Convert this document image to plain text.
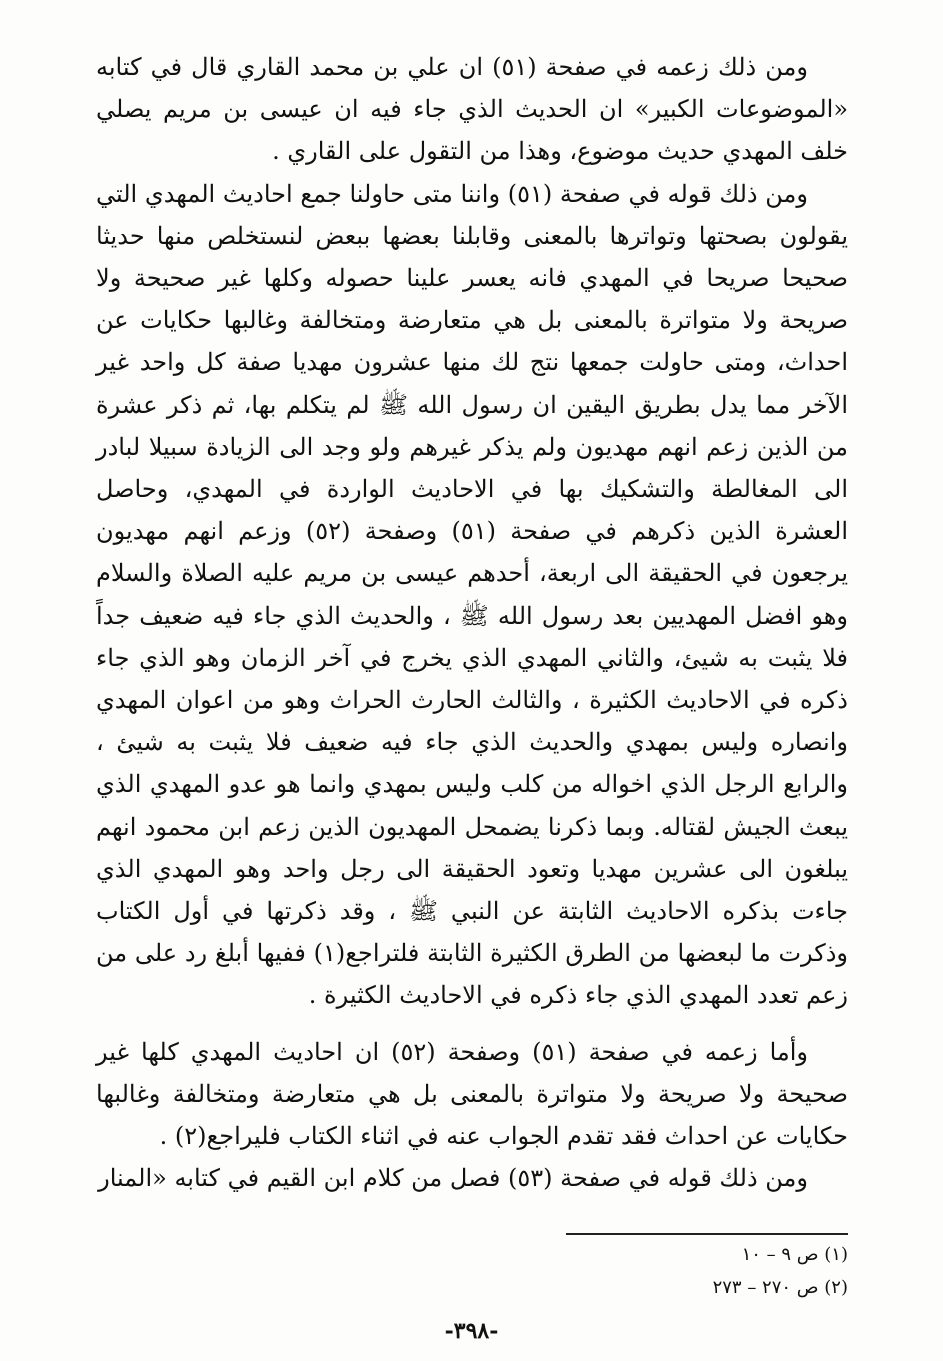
ومن ذلك زعمه في صفحة (٥١) ان علي بن محمد القاري قال في كتابه «الموضوعات الكبير» ان الحديث الذي جاء فيه ان عيسى بن مريم يصلي خلف المهدي حديث موضوع، وهذا من التقول على القاري .

ومن ذلك قوله في صفحة (٥١) واننا متى حاولنا جمع احاديث المهدي التي يقولون بصحتها وتواترها بالمعنى وقابلنا بعضها ببعض لنستخلص منها حديثا صحيحا صريحا في المهدي فانه يعسر علينا حصوله وكلها غير صحيحة ولا صريحة ولا متواترة بالمعنى بل هي متعارضة ومتخالفة وغالبها حكايات عن احداث، ومتى حاولت جمعها نتج لك منها عشرون مهديا صفة كل واحد غير الآخر مما يدل بطريق اليقين ان رسول الله ﷺ لم يتكلم بها، ثم ذكر عشرة من الذين زعم انهم مهديون ولم يذكر غيرهم ولو وجد الى الزيادة سبيلا لبادر الى المغالطة والتشكيك بها في الاحاديث الواردة في المهدي، وحاصل العشرة الذين ذكرهم في صفحة (٥١) وصفحة (٥٢) وزعم انهم مهديون يرجعون في الحقيقة الى اربعة، أحدهم عيسى بن مريم عليه الصلاة والسلام وهو افضل المهديين بعد رسول الله ﷺ ، والحديث الذي جاء فيه ضعيف جداً فلا يثبت به شيئ، والثاني المهدي الذي يخرج في آخر الزمان وهو الذي جاء ذكره في الاحاديث الكثيرة ، والثالث الحارث الحراث وهو من اعوان المهدي وانصاره وليس بمهدي والحديث الذي جاء فيه ضعيف فلا يثبت به شيئ ، والرابع الرجل الذي اخواله من كلب وليس بمهدي وانما هو عدو المهدي الذي يبعث الجيش لقتاله. وبما ذكرنا يضمحل المهديون الذين زعم ابن محمود انهم يبلغون الى عشرين مهديا وتعود الحقيقة الى رجل واحد وهو المهدي الذي جاءت بذكره الاحاديث الثابتة عن النبي ﷺ ، وقد ذكرتها في أول الكتاب وذكرت ما لبعضها من الطرق الكثيرة الثابتة فلتراجع(١) ففيها أبلغ رد على من زعم تعدد المهدي الذي جاء ذكره في الاحاديث الكثيرة .

وأما زعمه في صفحة (٥١) وصفحة (٥٢) ان احاديث المهدي كلها غير صحيحة ولا صريحة ولا متواترة بالمعنى بل هي متعارضة ومتخالفة وغالبها حكايات عن احداث فقد تقدم الجواب عنه في اثناء الكتاب فليراجع(٢) .

ومن ذلك قوله في صفحة (٥٣) فصل من كلام ابن القيم في كتابه «المنار

(١) ص ٩ – ١٠
(٢) ص ٢٧٠ – ٢٧٣
-٣٩٨-
